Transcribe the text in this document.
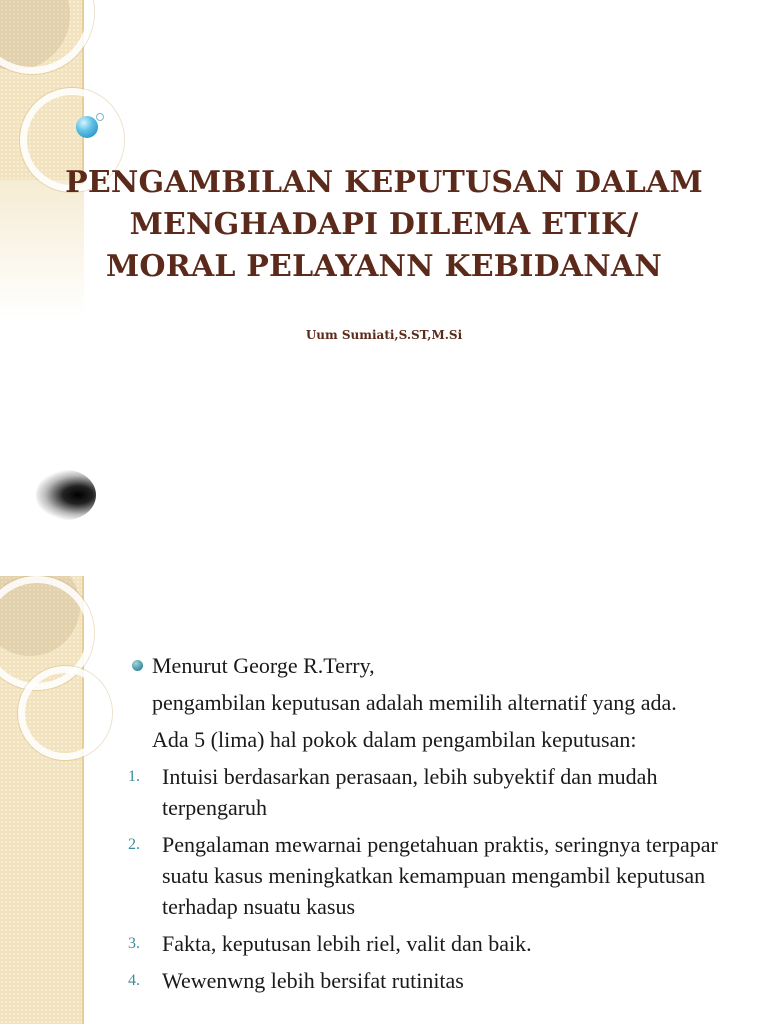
PENGAMBILAN KEPUTUSAN DALAM
MENGHADAPI DILEMA ETIK/
MORAL PELAYANN KEBIDANAN
Uum Sumiati,S.ST,M.Si

Menurut George R.Terry,

pengambilan keputusan adalah memilih alternatif yang ada.

Ada 5 (lima) hal pokok dalam pengambilan keputusan:

1.	Intuisi berdasarkan perasaan, lebih subyektif dan mudah terpengaruh
2.	Pengalaman mewarnai pengetahuan praktis, seringnya terpapar suatu kasus meningkatkan kemampuan mengambil keputusan terhadap nsuatu kasus
3.	Fakta, keputusan lebih riel, valit dan baik.
4.	Wewenwng lebih bersifat rutinitas
